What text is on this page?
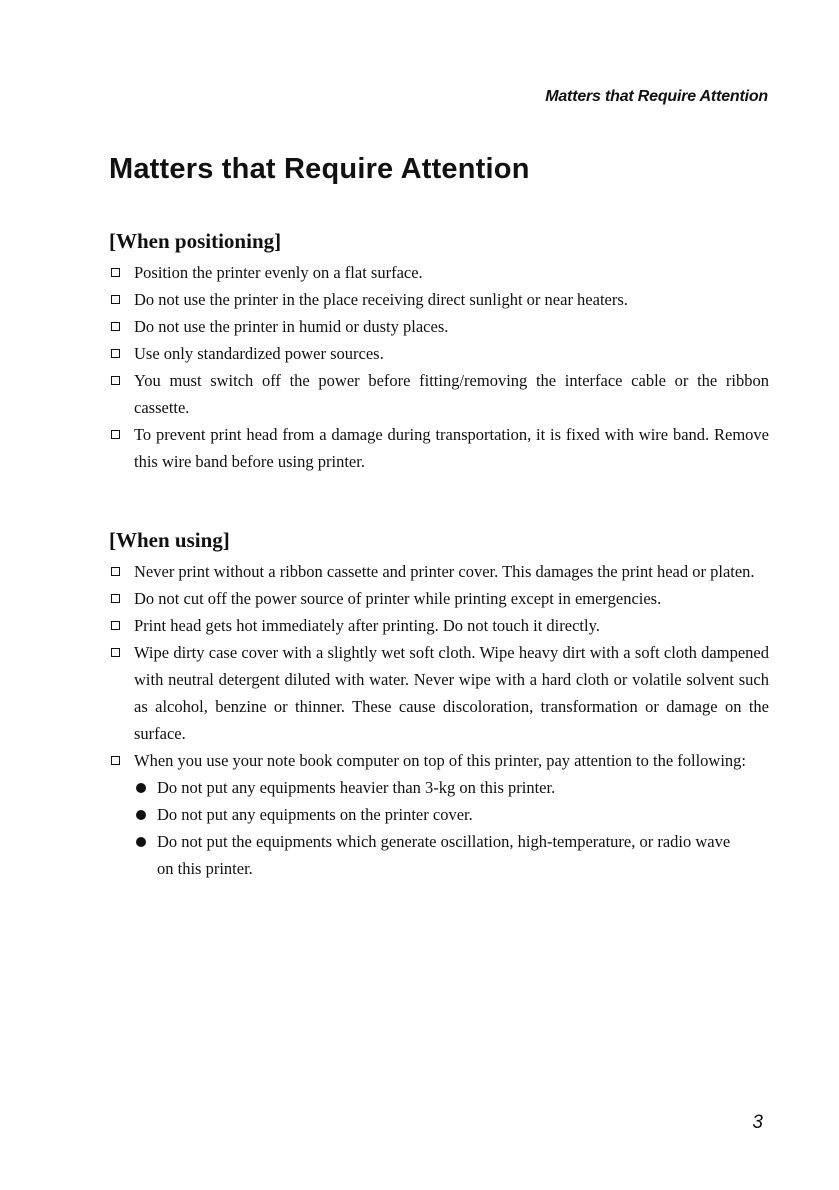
Matters that Require Attention
Matters that Require Attention
[When positioning]
Position the printer evenly on a flat surface.
Do not use the printer in the place receiving direct sunlight or near heaters.
Do not use the printer in humid or dusty places.
Use only standardized power sources.
You must switch off the power before fitting/removing the interface cable or the ribbon cassette.
To prevent print head from a damage during transportation, it is fixed with wire band. Remove this wire band before using printer.
[When using]
Never print without a ribbon cassette and printer cover. This damages the print head or platen.
Do not cut off the power source of printer while printing except in emergencies.
Print head gets hot immediately after printing. Do not touch it directly.
Wipe dirty case cover with a slightly wet soft cloth. Wipe heavy dirt with a soft cloth dampened with neutral detergent diluted with water. Never wipe with a hard cloth or volatile solvent such as alcohol, benzine or thinner. These cause discoloration, transformation or damage on the surface.
When you use your note book computer on top of this printer, pay attention to the following:
Do not put any equipments heavier than 3-kg on this printer.
Do not put any equipments on the printer cover.
Do not put the equipments which generate oscillation, high-temperature, or radio wave on this printer.
3
